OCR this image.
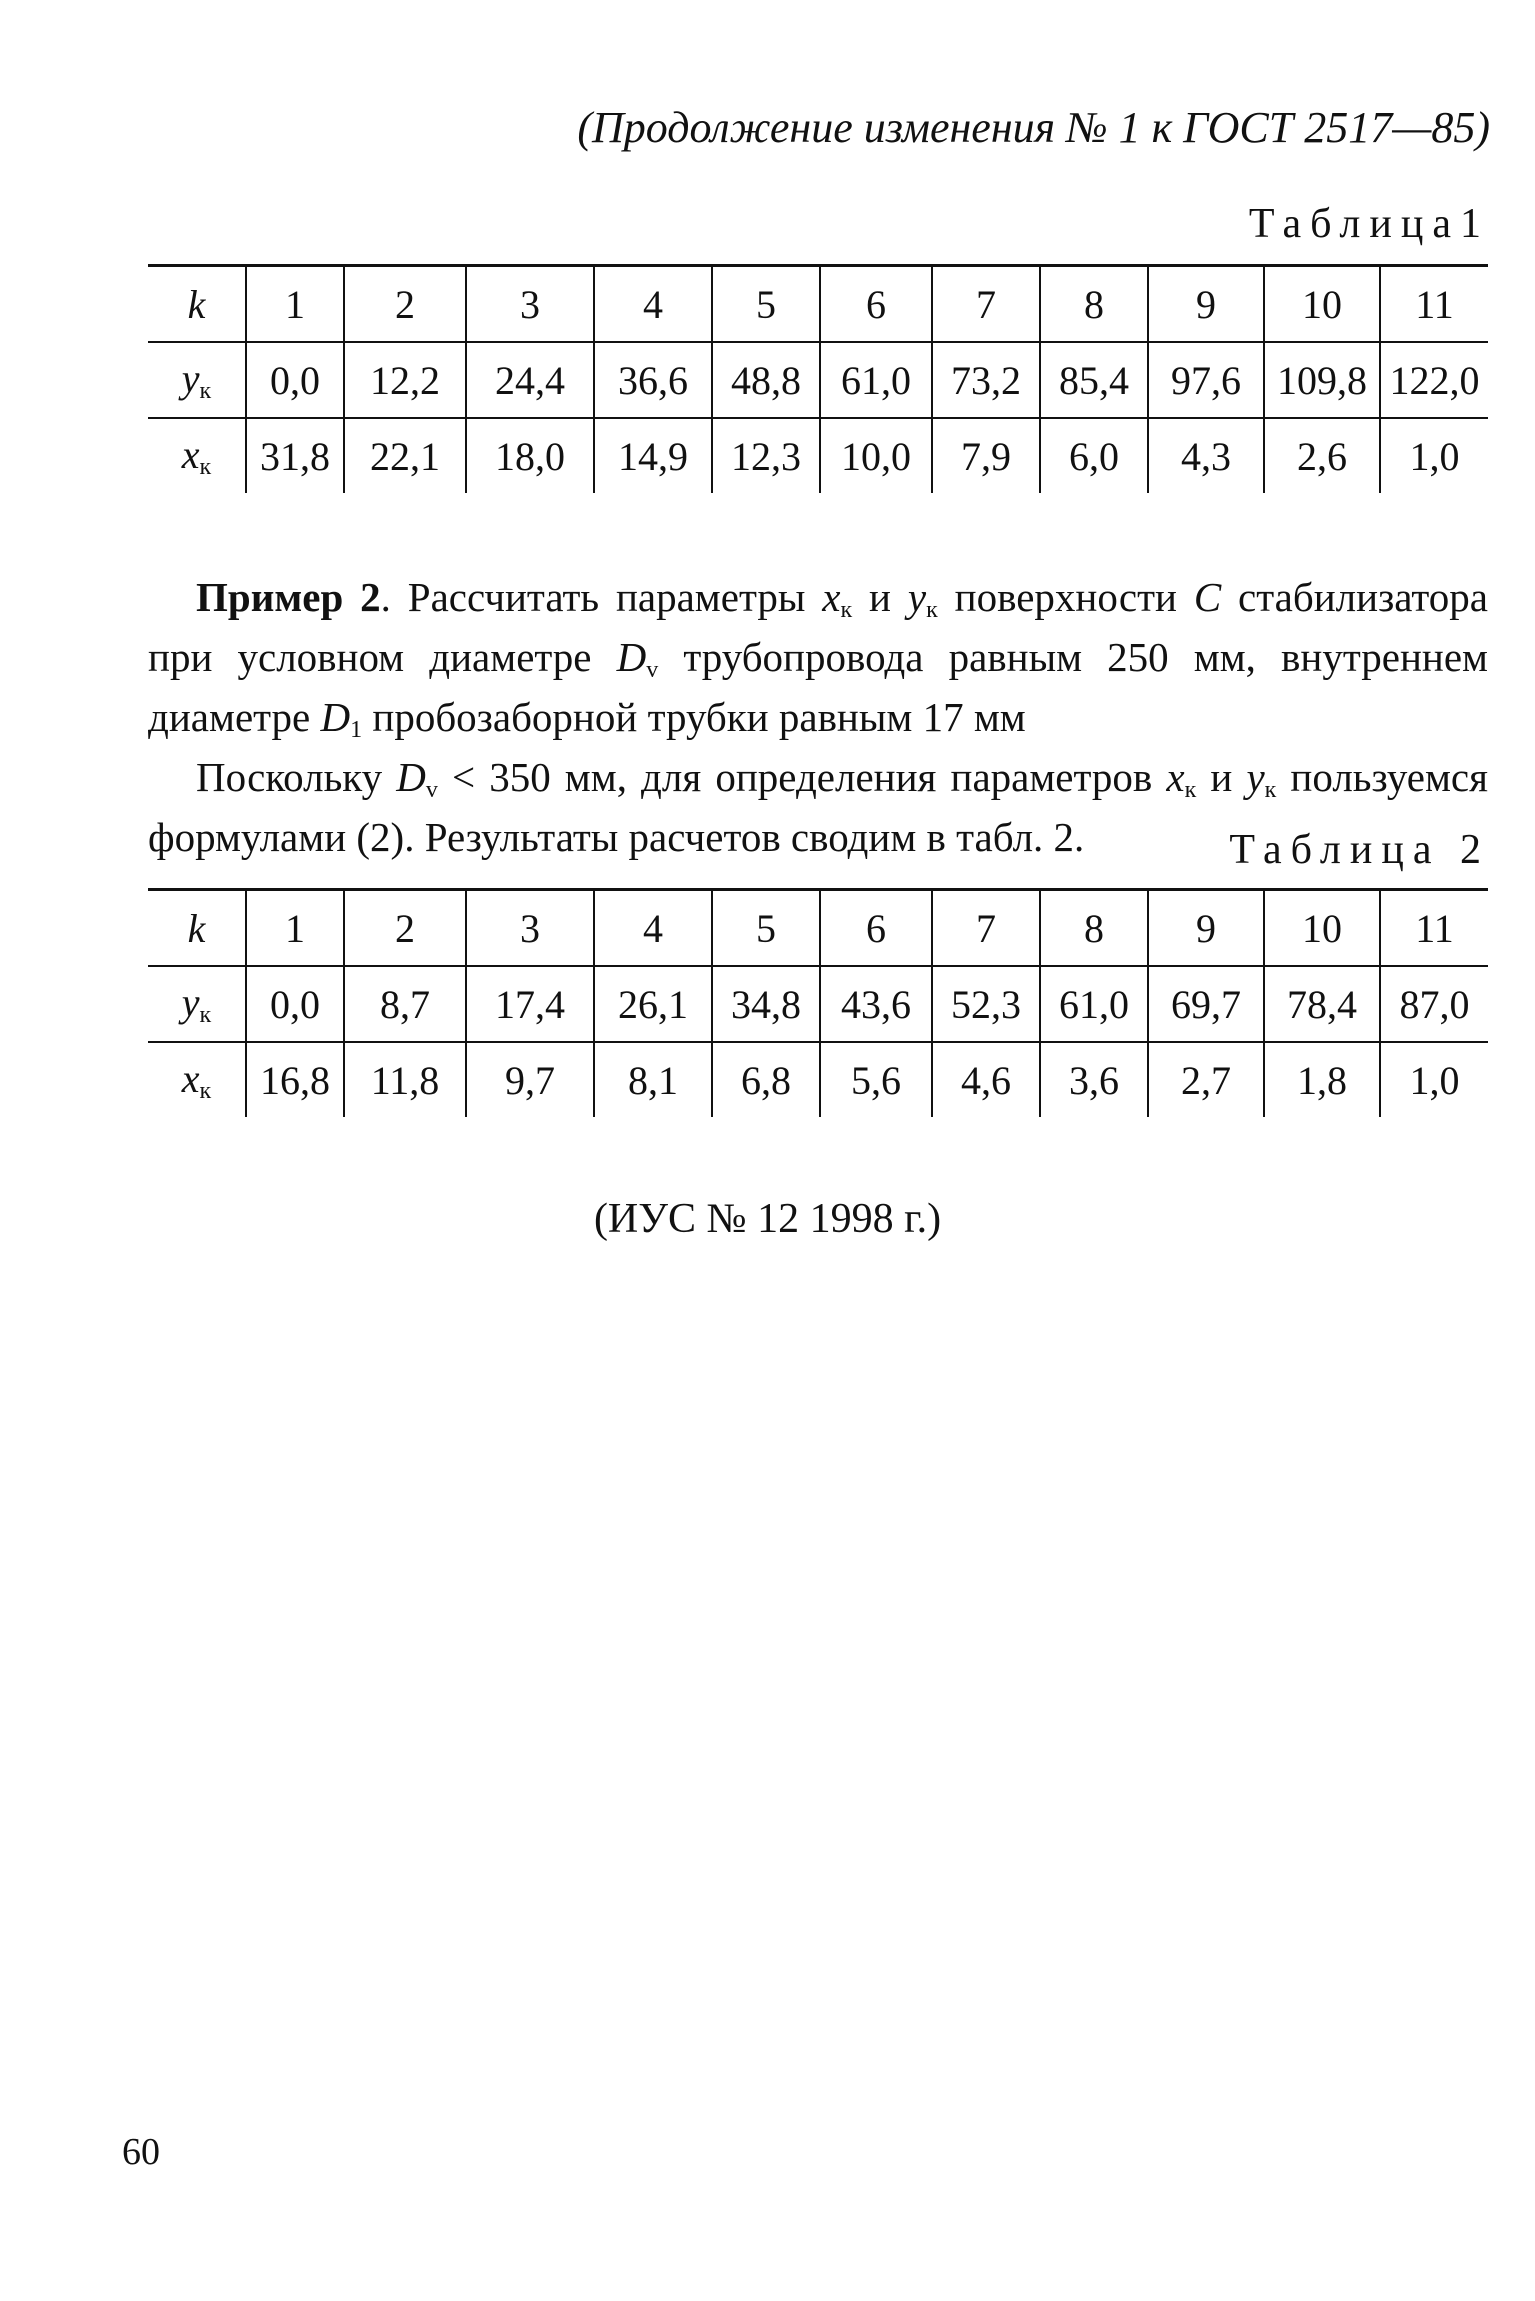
(Продолжение изменения № 1 к ГОСТ 2517—85)
Таблица1
k	1	2	3	4	5	6	7	8	9	10	11
$y_к$	0,0	12,2	24,4	36,6	48,8	61,0	73,2	85,4	97,6	109,8	122,0
$x_к$	31,8	22,1	18,0	14,9	12,3	10,0	7,9	6,0	4,3	2,6	1,0

Пример 2. Рассчитать параметры $x_к$ и $y_к$ поверхности C стабилизатора при условном диаметре $D_v$ трубопровода равным 250 мм, внутреннем диаметре $D_1$ пробозаборной трубки равным 17 мм

Поскольку $D_v < 350$ мм, для определения параметров $x_к$ и $y_к$ пользуемся формулами (2). Результаты расчетов сводим в табл. 2.	Таблица 2
k	1	2	3	4	5	6	7	8	9	10	11
$y_к$	0,0	8,7	17,4	26,1	34,8	43,6	52,3	61,0	69,7	78,4	87,0
$x_к$	16,8	11,8	9,7	8,1	6,8	5,6	4,6	3,6	2,7	1,8	1,0
(ИУС № 12 1998 г.)
60
